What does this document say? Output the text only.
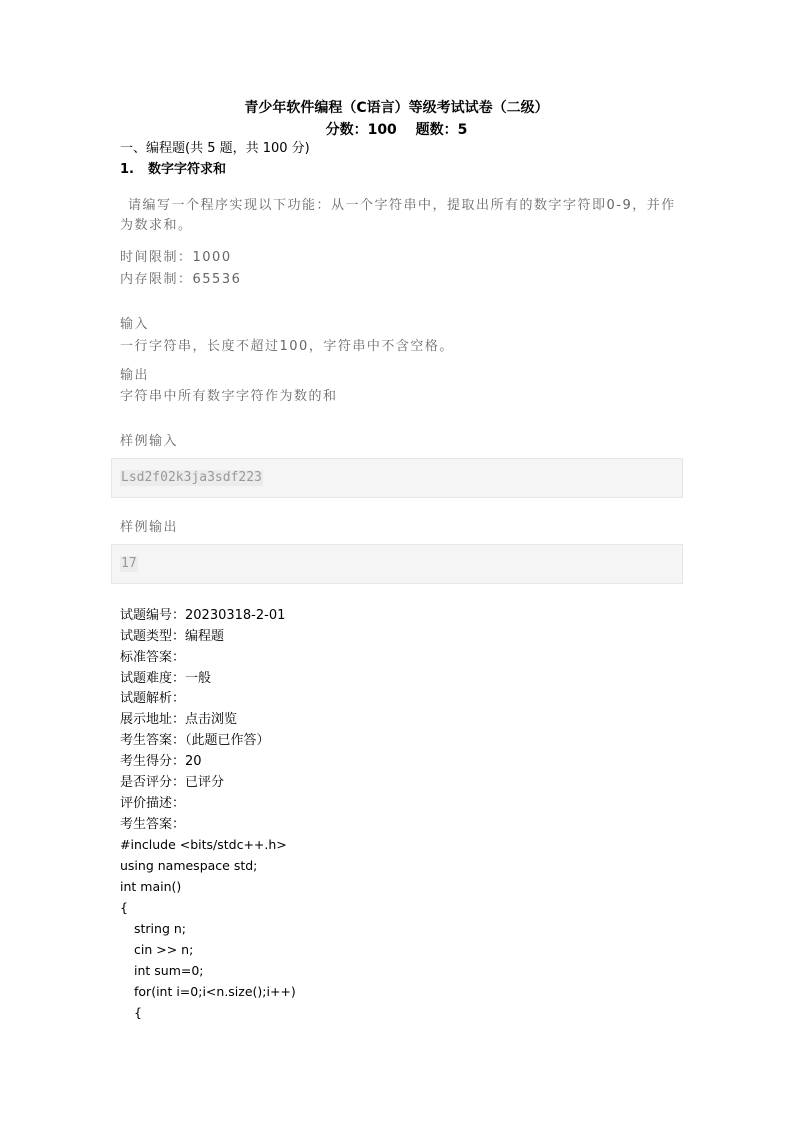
青少年软件编程（C语言）等级考试试卷（二级）
分数：100　 题数：5
一、编程题(共 5 题，共 100 分)
1. 数字字符求和
请编写一个程序实现以下功能：从一个字符串中，提取出所有的数字字符即0-9，并作
为数求和。
时间限制：1000
内存限制：65536
输入
一行字符串，长度不超过100，字符串中不含空格。
输出
字符串中所有数字字符作为数的和
样例输入
Lsd2f02k3ja3sdf223
样例输出
17
试题编号：20230318-2-01
试题类型：编程题
标准答案：
试题难度：一般
试题解析：
展示地址：点击浏览
考生答案：（此题已作答）
考生得分：20
是否评分：已评分
评价描述：
考生答案：
#include <bits/stdc++.h>
using namespace std;
int main()
{
string n;
cin >> n;
int sum=0;
for(int i=0;i<n.size();i++)
{
